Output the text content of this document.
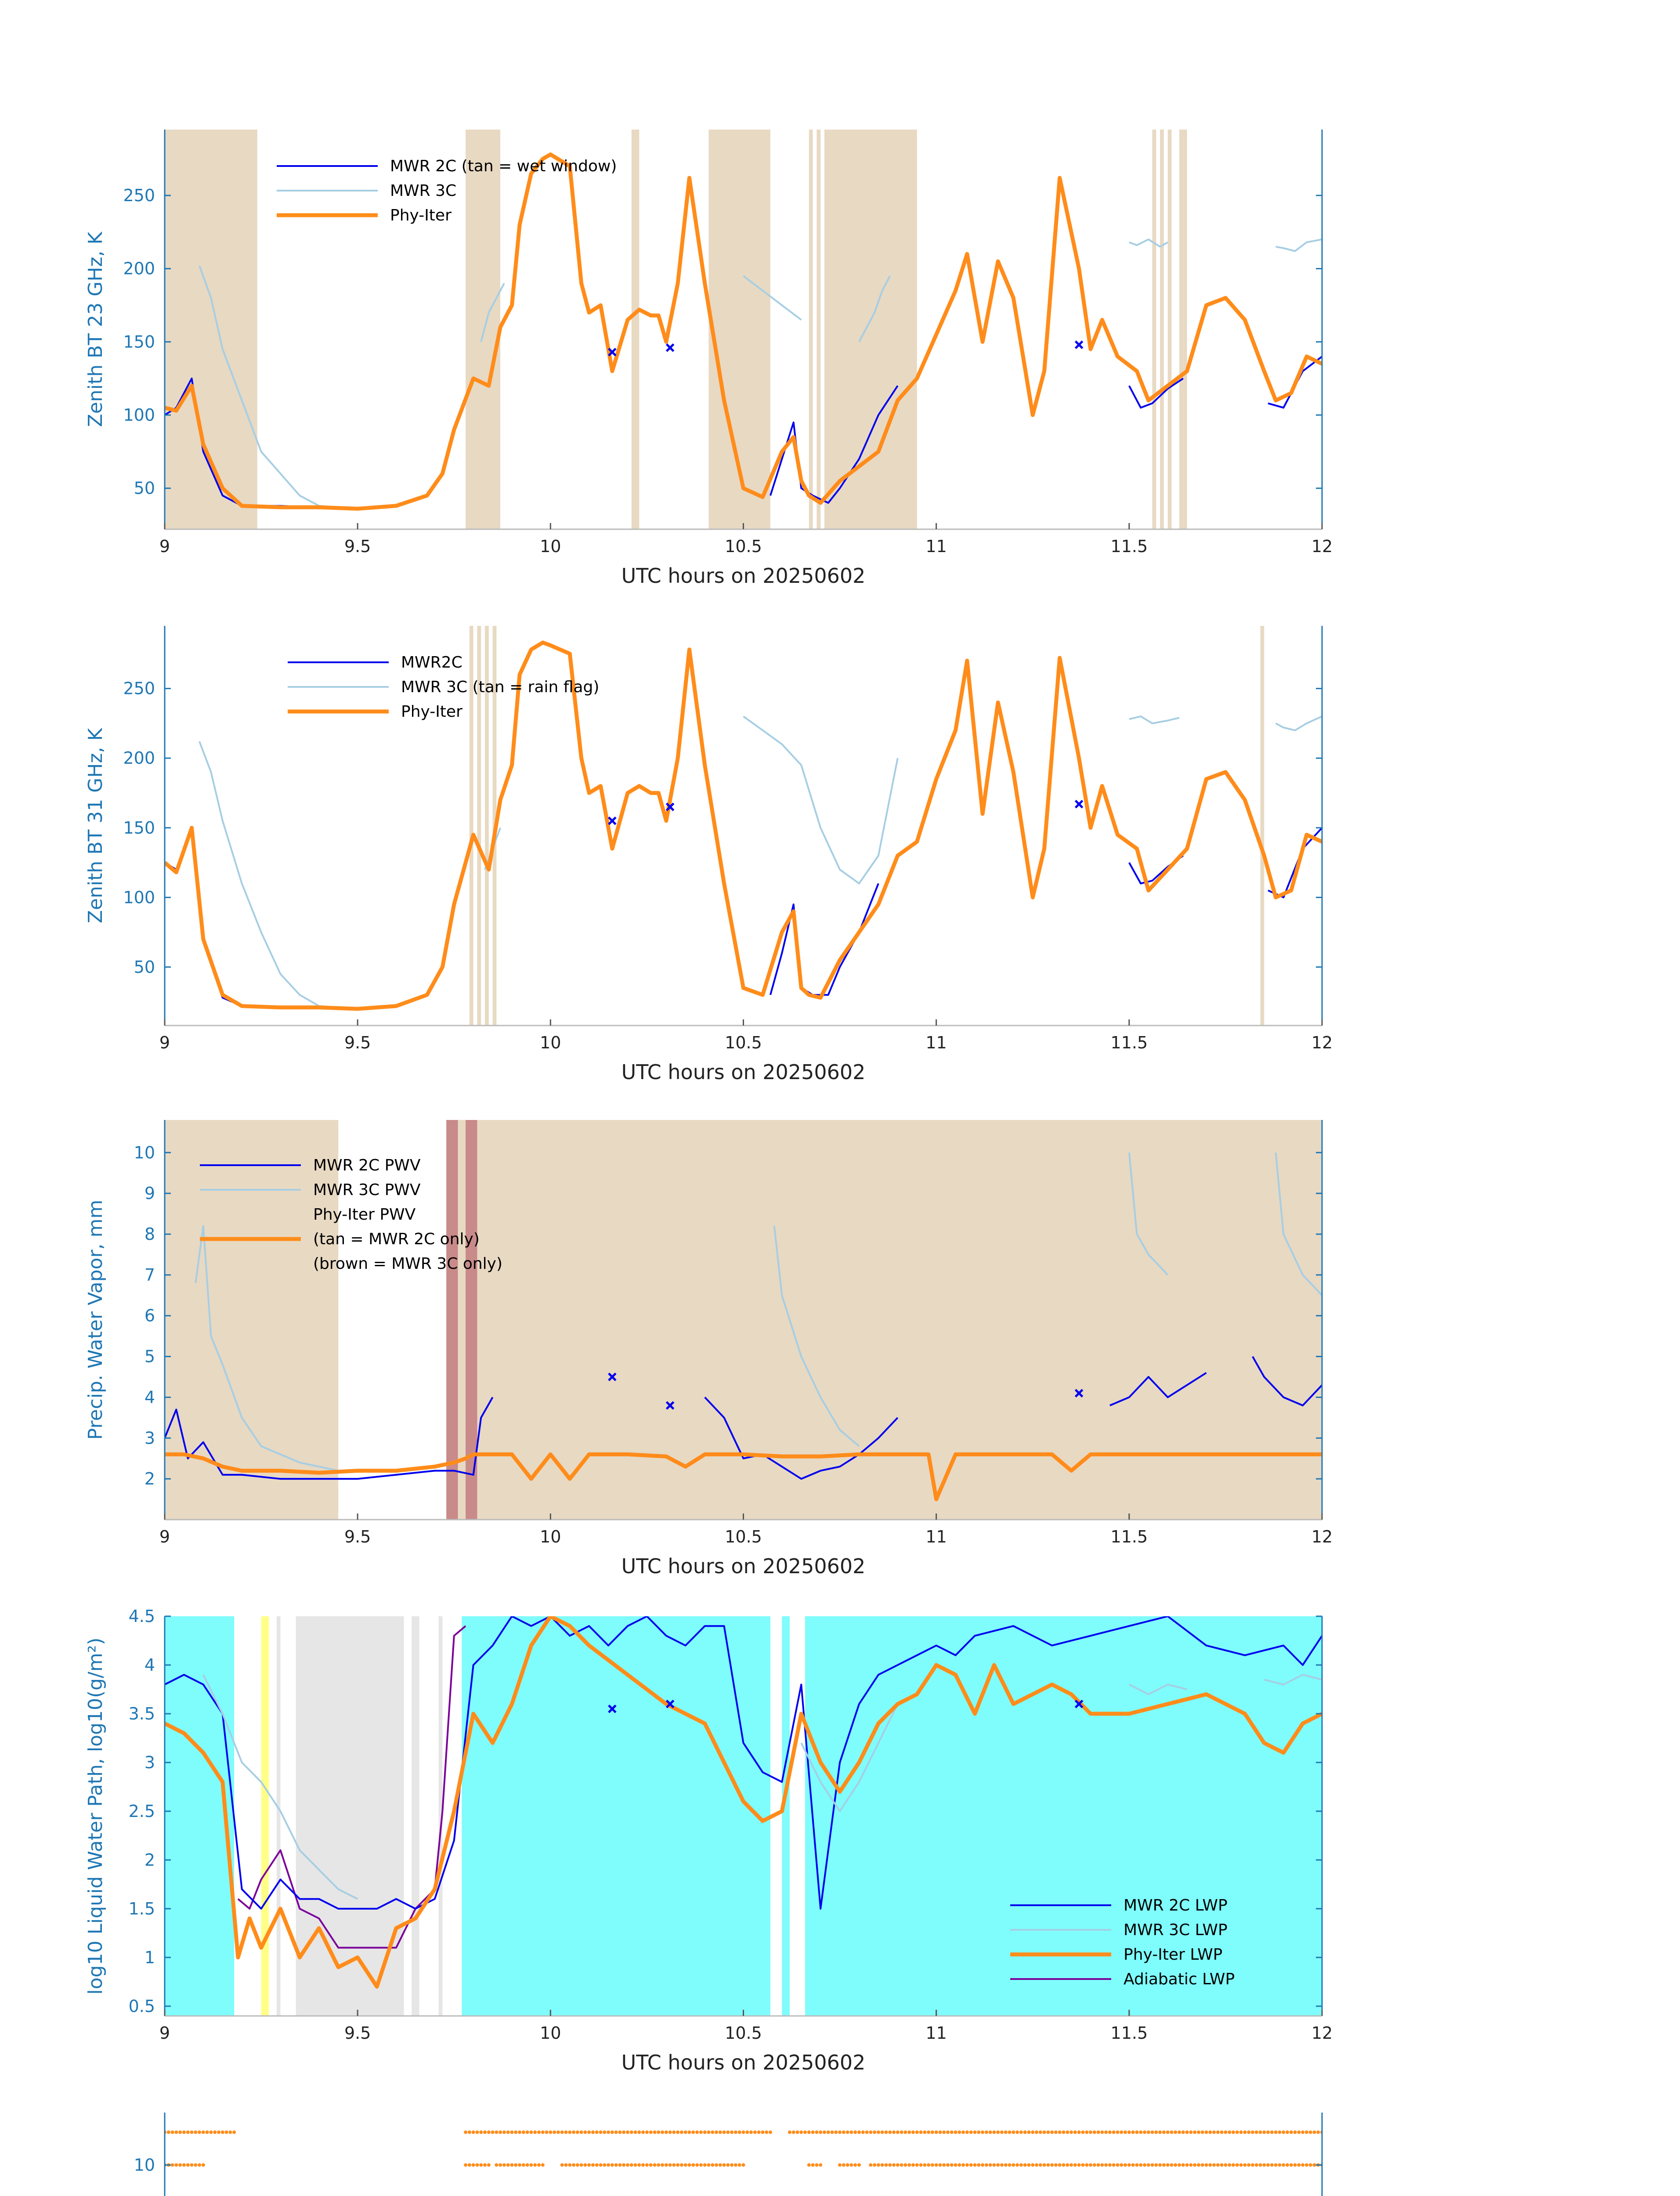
9	9.5	10	10.5	11	11.5	12
50
100
150
200
250
UTC hours on 20250602
Zenith BT 23 GHz, K
MWR 2C (tan = wet window)
MWR 3C
Phy-Iter
9	9.5	10	10.5	11	11.5	12
50
100
150
200
250
UTC hours on 20250602
Zenith BT 31 GHz, K
MWR2C
MWR 3C (tan = rain flag)
Phy-Iter
9	9.5	10	10.5	11	11.5	12
2
3
4
5
6
7
8
9
10
UTC hours on 20250602
Precip. Water Vapor, mm
MWR 2C PWV
MWR 3C PWV
Phy-Iter PWV
(tan = MWR 2C only)
(brown = MWR 3C only)
9	9.5	10	10.5	11	11.5	12
0.5
1
1.5
2
2.5
3
3.5
4
4.5
UTC hours on 20250602
log10 Liquid Water Path, log10(g/m²)	MWR 2C LWP
MWR 3C LWP
Phy-Iter LWP
Adiabatic LWP
10
